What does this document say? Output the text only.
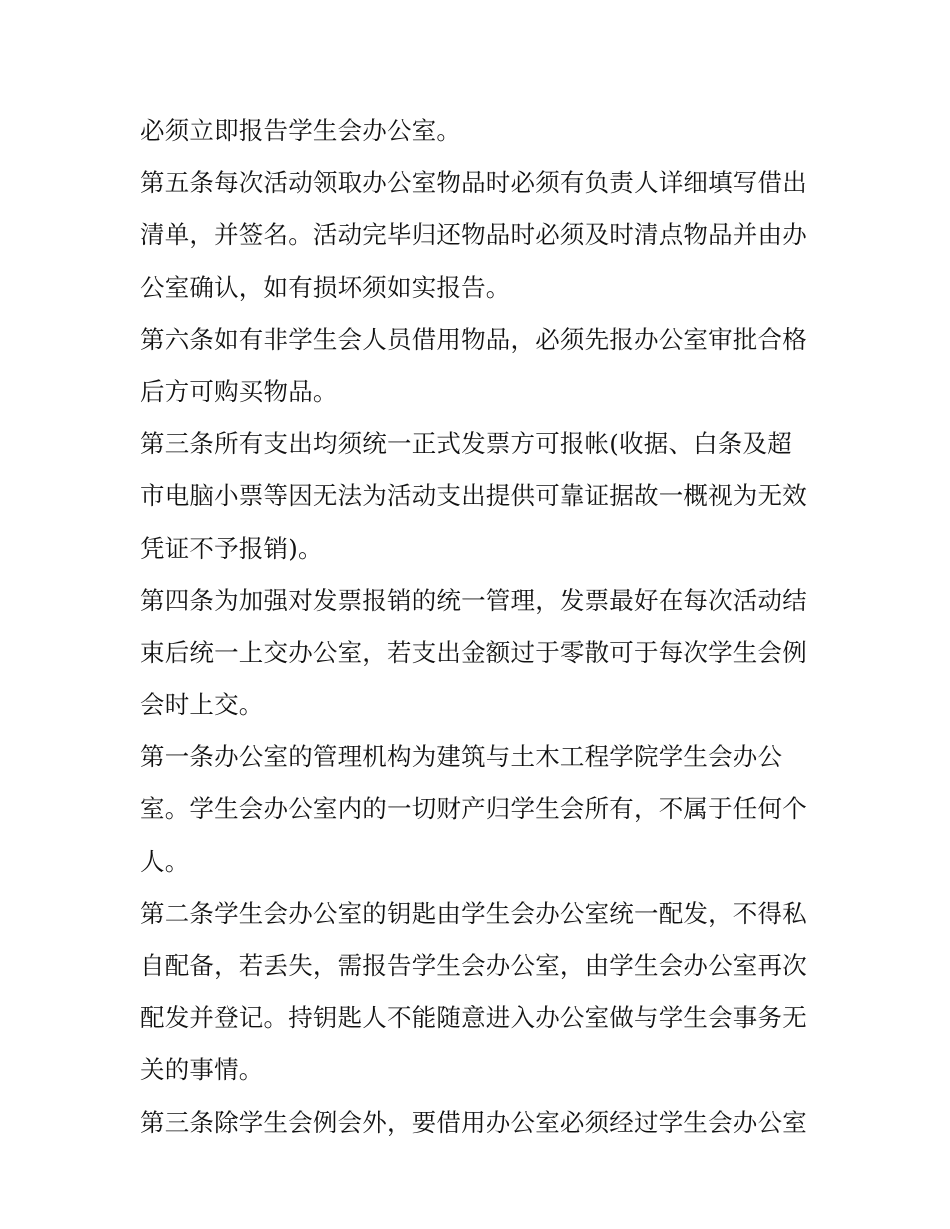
必须立即报告学生会办公室。
第五条每次活动领取办公室物品时必须有负责人详细填写借出
清单，并签名。活动完毕归还物品时必须及时清点物品并由办
公室确认，如有损坏须如实报告。
第六条如有非学生会人员借用物品，必须先报办公室审批合格
后方可购买物品。
第三条所有支出均须统一正式发票方可报帐(收据、白条及超
市电脑小票等因无法为活动支出提供可靠证据故一概视为无效
凭证不予报销)。
第四条为加强对发票报销的统一管理，发票最好在每次活动结
束后统一上交办公室，若支出金额过于零散可于每次学生会例
会时上交。
第一条办公室的管理机构为建筑与土木工程学院学生会办公
室。学生会办公室内的一切财产归学生会所有，不属于任何个
人。
第二条学生会办公室的钥匙由学生会办公室统一配发，不得私
自配备，若丢失，需报告学生会办公室，由学生会办公室再次
配发并登记。持钥匙人不能随意进入办公室做与学生会事务无
关的事情。
第三条除学生会例会外，要借用办公室必须经过学生会办公室
